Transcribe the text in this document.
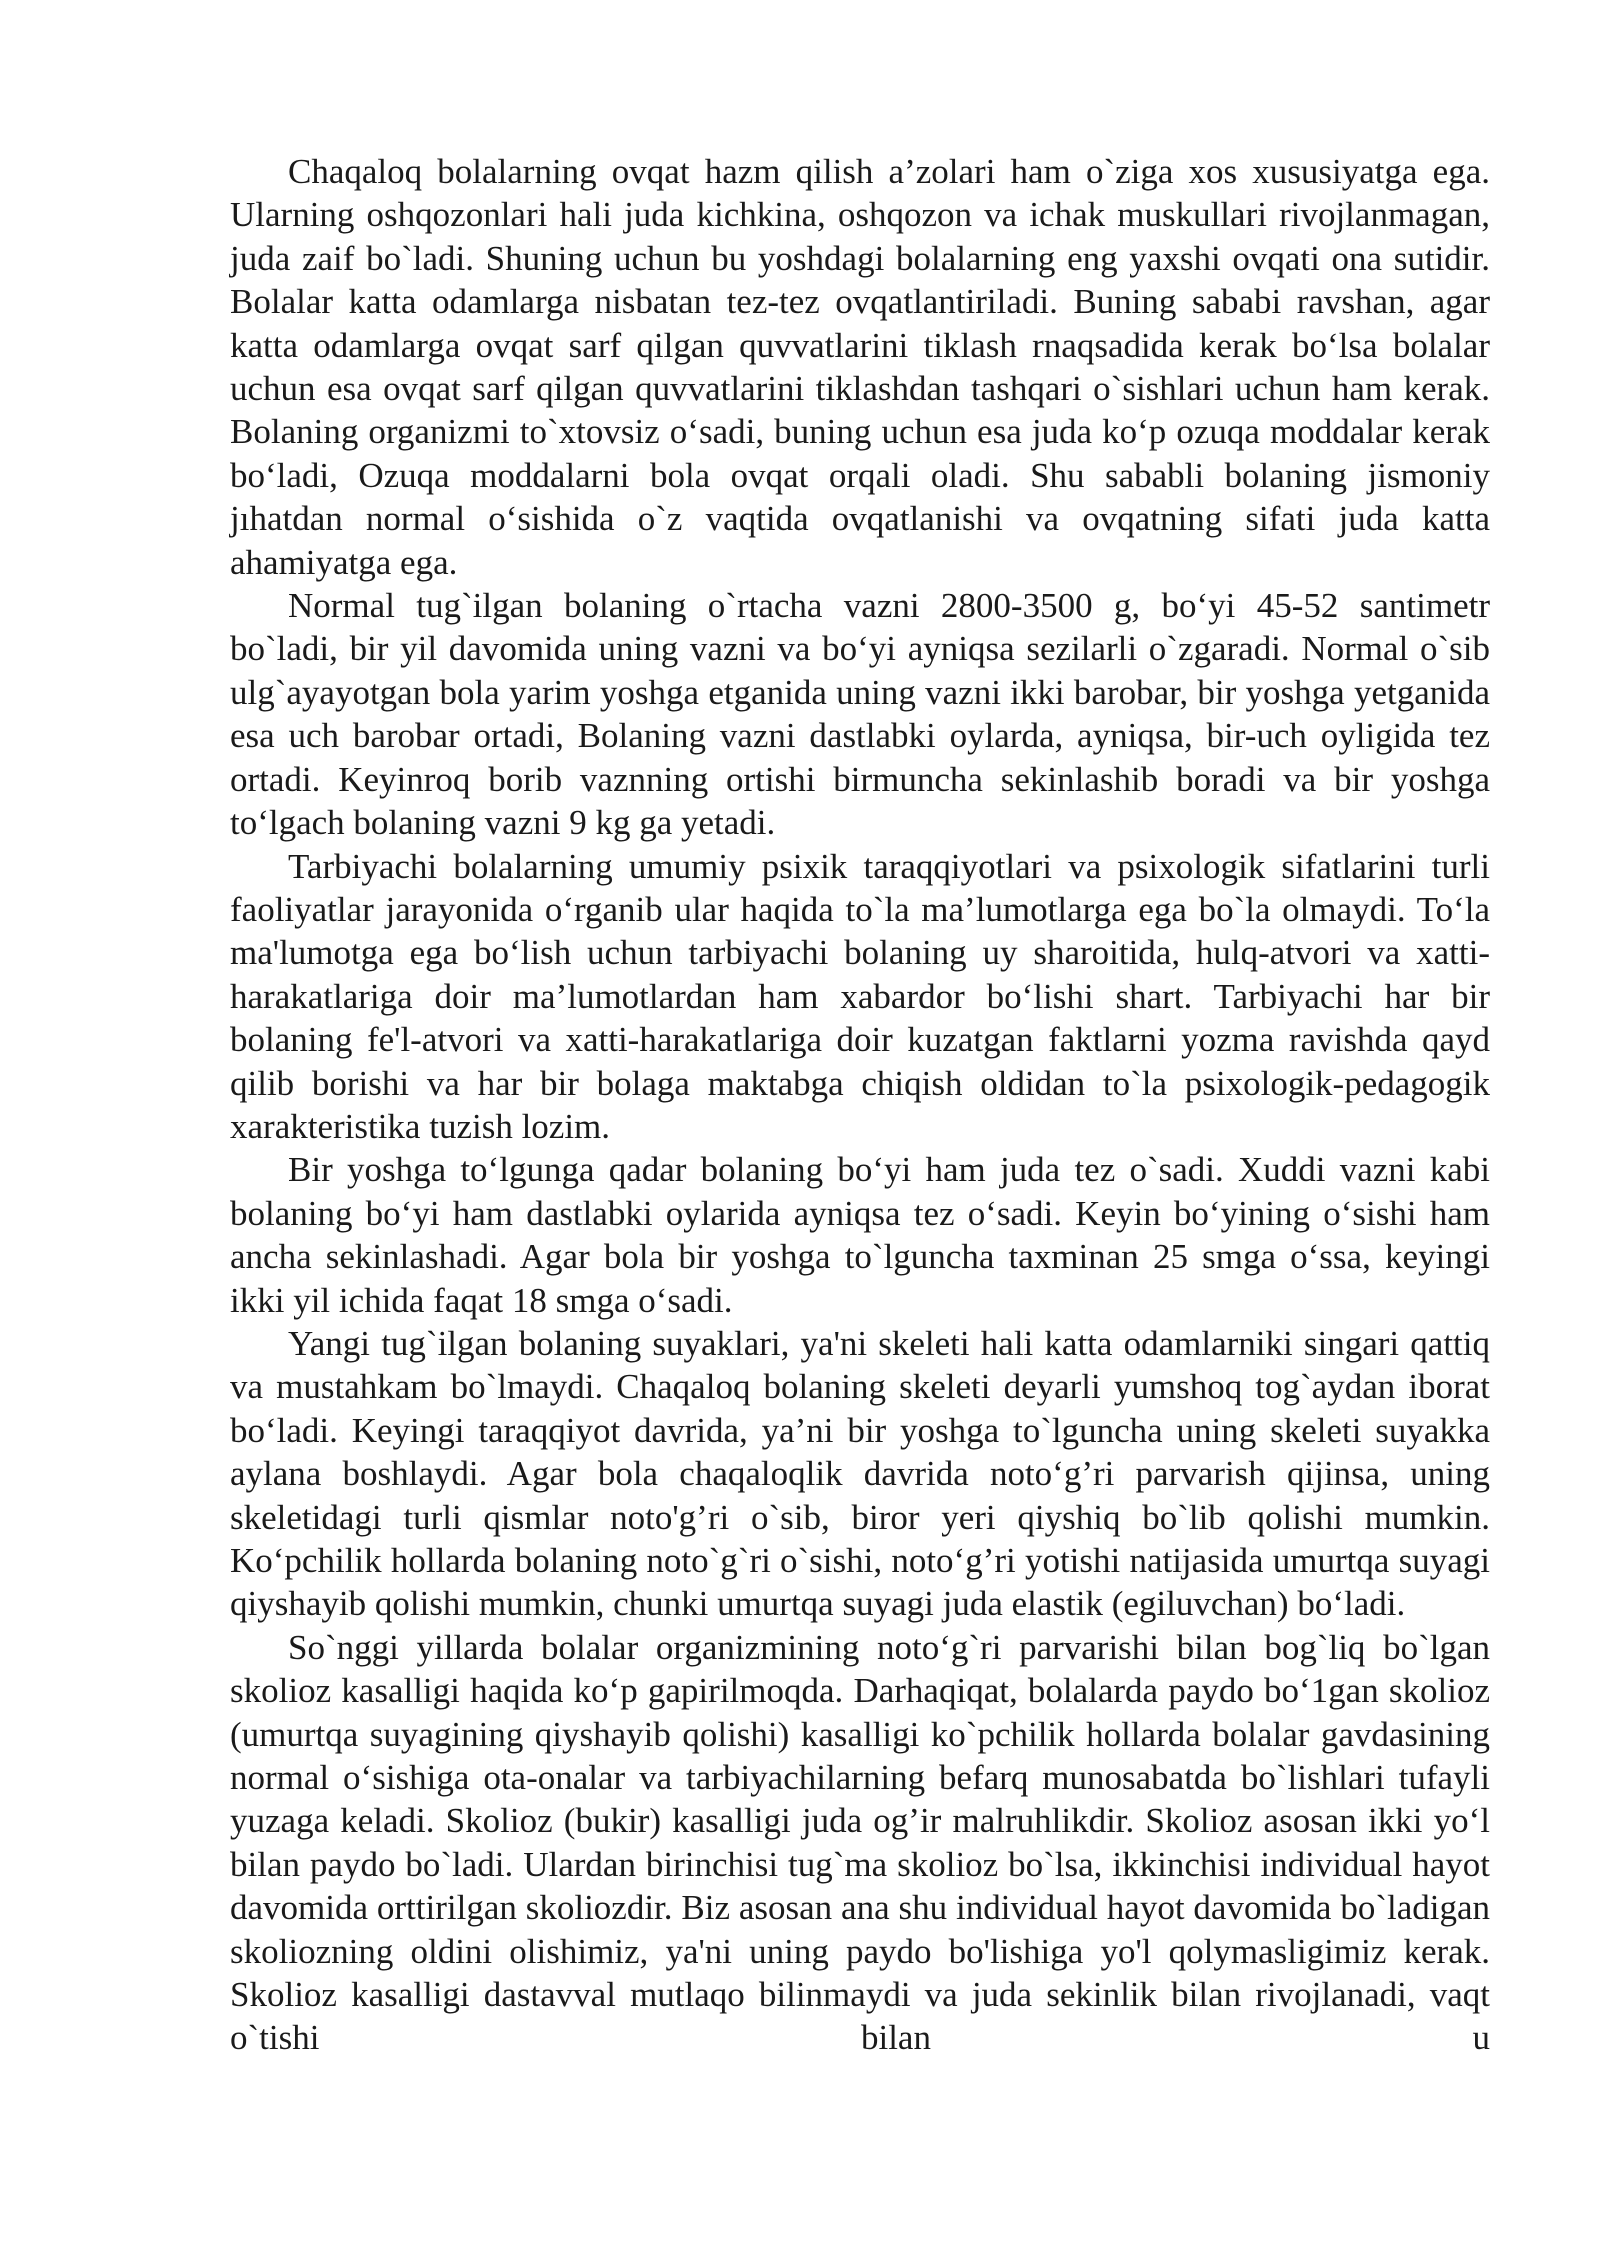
Chaqaloq bolalarning ovqat hazm qilish a’zolari ham o`ziga xos xususiyatga ega. Ularning oshqozonlari hali juda kichkina, oshqozon va ichak muskullari rivojlanmagan, juda zaif bo`ladi. Shuning uchun bu yoshdagi bolalarning eng yaxshi ovqati ona sutidir. Bolalar katta odamlarga nisbatan tez-tez ovqatlantiriladi. Buning sababi ravshan, agar katta odamlarga ovqat sarf qilgan quvvatlarini tiklash rnaqsadida kerak bo‘lsa bolalar uchun esa ovqat sarf qilgan quvvatlarini tiklashdan tashqari o`sishlari uchun ham kerak. Bolaning organizmi to`xtovsiz o‘sadi, buning uchun esa juda ko‘p ozuqa moddalar kerak bo‘ladi, Ozuqa moddalarni bola ovqat orqali oladi. Shu sababli bolaning jismoniy jıhatdan normal o‘sishida o`z vaqtida ovqatlanishi va ovqatning sifati juda katta ahamiyatga ega.

Normal tug`ilgan bolaning o`rtacha vazni 2800-3500 g, bo‘yi 45-52 santimetr bo`ladi, bir yil davomida uning vazni va bo‘yi ayniqsa sezilarli o`zgaradi. Normal o`sib ulg`ayayotgan bola yarim yoshga etganida uning vazni ikki barobar, bir yoshga yetganida esa uch barobar ortadi, Bolaning vazni dastlabki oylarda, ayniqsa, bir-uch oyligida tez ortadi. Keyinroq borib vaznning ortishi birmuncha sekinlashib boradi va bir yoshga to‘lgach bolaning vazni 9 kg ga yetadi.

Tarbiyachi bolalarning umumiy psixik taraqqiyotlari va psixologik sifatlarini turli faoliyatlar jarayonida o‘rganib ular haqida to`la ma’lumotlarga ega bo`la olmaydi. To‘la ma'lumotga ega bo‘lish uchun tarbiyachi bolaning uy sharoitida, hulq-atvori va xatti-harakatlariga doir ma’lumotlardan ham xabardor bo‘lishi shart. Tarbiyachi har bir bolaning fe'l-atvori va xatti-harakatlariga doir kuzatgan faktlarni yozma ravishda qayd qilib borishi va har bir bolaga maktabga chiqish oldidan to`la psixologik-pedagogik xarakteristika tuzish lozim.

Bir yoshga to‘lgunga qadar bolaning bo‘yi ham juda tez o`sadi. Xuddi vazni kabi bolaning bo‘yi ham dastlabki oylarida ayniqsa tez o‘sadi. Keyin bo‘yining o‘sishi ham ancha sekinlashadi. Agar bola bir yoshga to`lguncha taxminan 25 smga o‘ssa, keyingi ikki yil ichida faqat 18 smga o‘sadi.

Yangi tug`ilgan bolaning suyaklari, ya'ni skeleti hali katta odamlarniki singari qattiq va mustahkam bo`lmaydi. Chaqaloq bolaning skeleti deyarli yumshoq tog`aydan iborat bo‘ladi. Keyingi taraqqiyot davrida, ya’ni bir yoshga to`lguncha uning skeleti suyakka aylana boshlaydi. Agar bola chaqaloqlik davrida noto‘g’ri parvarish qijinsa, uning skeletidagi turli qismlar noto'g’ri o`sib, biror yeri qiyshiq bo`lib qolishi mumkin. Ko‘pchilik hollarda bolaning noto`g`ri o`sishi, noto‘g’ri yotishi natijasida umurtqa suyagi qiyshayib qolishi mumkin, chunki umurtqa suyagi juda elastik (egiluvchan) bo‘ladi.

So`nggi yillarda bolalar organizmining noto‘g`ri parvarishi bilan bog`liq bo`lgan skolioz kasalligi haqida ko‘p gapirilmoqda. Darhaqiqat, bolalarda paydo bo‘1gan skolioz (umurtqa suyagining qiyshayib qolishi) kasalligi ko`pchilik hollarda bolalar gavdasining normal o‘sishiga ota-onalar va tarbiyachilarning befarq munosabatda bo`lishlari tufayli yuzaga keladi. Skolioz (bukir) kasalligi juda og’ir malruhlikdir. Skolioz asosan ikki yo‘l bilan paydo bo`ladi. Ulardan birinchisi tug`ma skolioz bo`lsa, ikkinchisi individual hayot davomida orttirilgan skoliozdir. Biz asosan ana shu individual hayot davomida bo`ladigan skoliozning oldini olishimiz, ya'ni uning paydo bo'lishiga yo'l qolymasligimiz kerak. Skolioz kasalligi dastavval mutlaqo bilinmaydi va juda sekinlik bilan rivojlanadi, vaqt o`tishi bilan u
